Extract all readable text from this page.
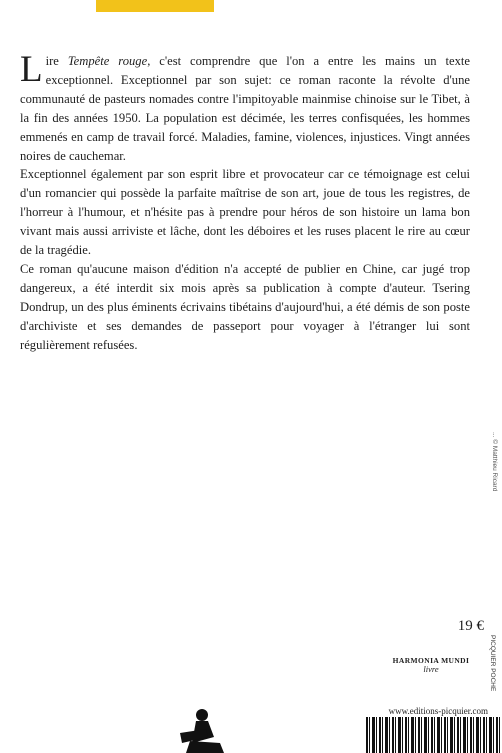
Lire Tempête rouge, c'est comprendre que l'on a entre les mains un texte exceptionnel. Exceptionnel par son sujet: ce roman raconte la révolte d'une communauté de pasteurs nomades contre l'impitoyable mainmise chinoise sur le Tibet, à la fin des années 1950. La population est décimée, les terres confisquées, les hommes emmenés en camp de travail forcé. Maladies, famine, violences, injustices. Vingt années noires de cauchemar.

Exceptionnel également par son esprit libre et provocateur car ce témoignage est celui d'un romancier qui possède la parfaite maîtrise de son art, joue de tous les registres, de l'horreur à l'humour, et n'hésite pas à prendre pour héros de son histoire un lama bon vivant mais aussi arriviste et lâche, dont les déboires et les ruses placent le rire au cœur de la tragédie.

Ce roman qu'aucune maison d'édition n'a accepté de publier en Chine, car jugé trop dangereux, a été interdit six mois après sa publication à compte d'auteur. Tsering Dondrup, un des plus éminents écrivains tibétains d'aujourd'hui, a été démis de son poste d'archiviste et ses demandes de passeport pour voyager à l'étranger lui sont régulièrement refusées.

... © Matthieu Ricard
19 €
HARMONIA MUNDI
livre	PICQUIER POCHE
www.editions-picquier.com
